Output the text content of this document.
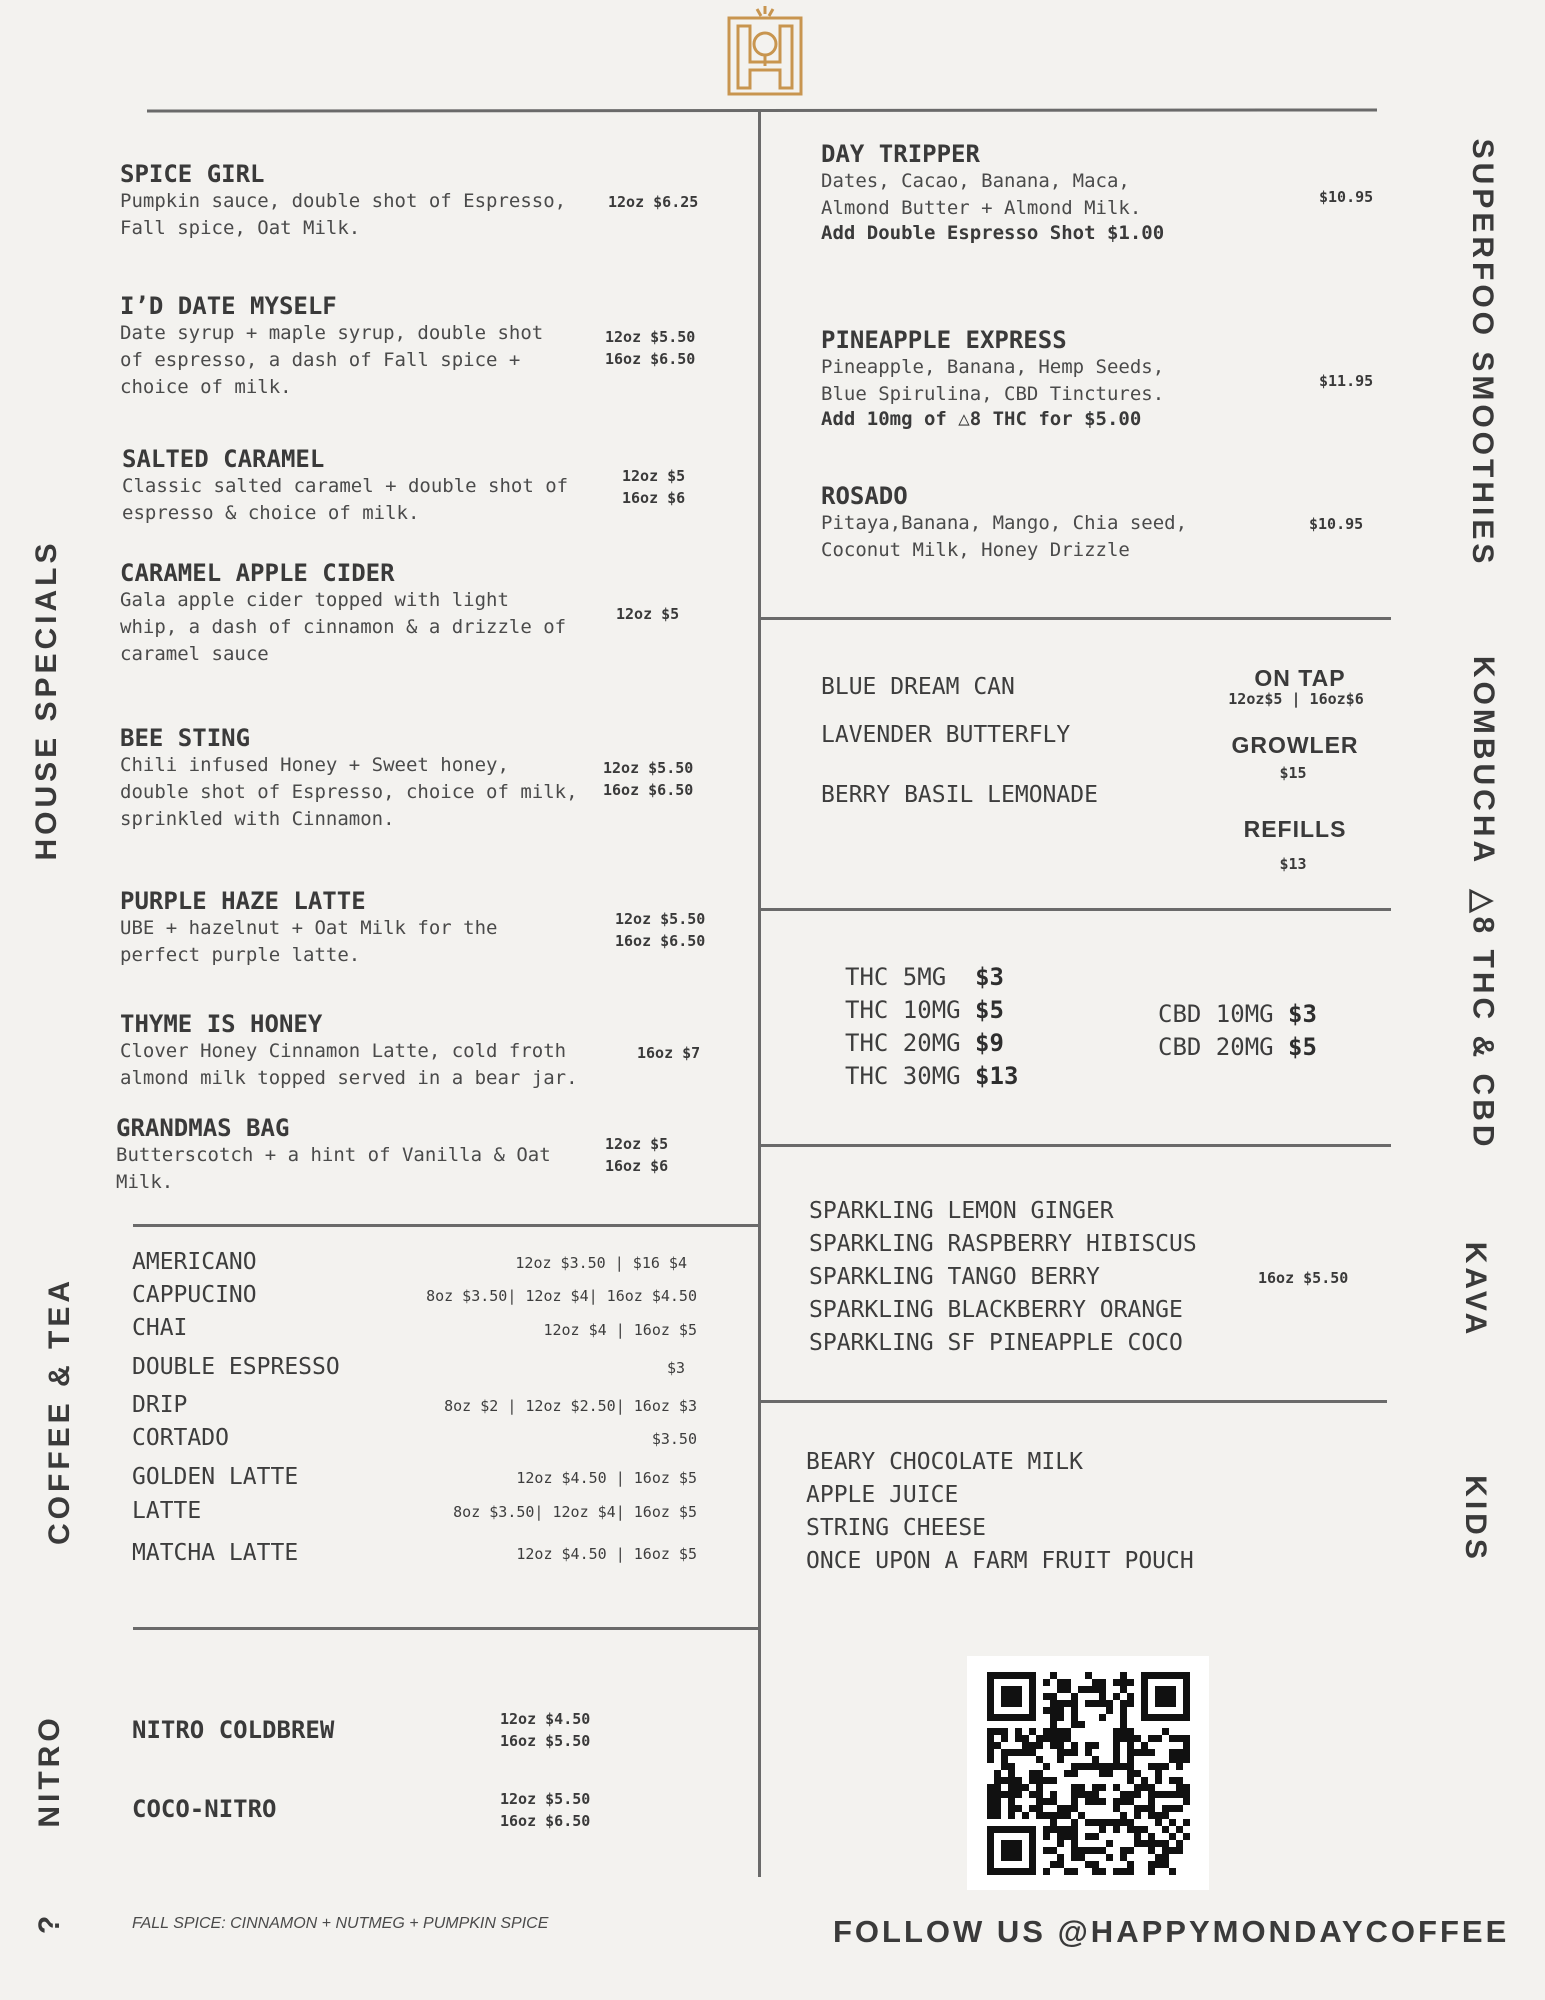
HOUSE SPECIALS
COFFEE & TEA
NITRO
?
SUPERFOO SMOOTHIES
KOMBUCHA
△8 THC & CBD
KAVA
KIDS
SPICE GIRL
Pumpkin sauce, double shot of Espresso,
Fall spice, Oat Milk.
12oz $6.25
I’D DATE MYSELF
Date syrup + maple syrup, double shot
of espresso, a dash of Fall spice +
choice of milk.
12oz $5.50
16oz $6.50
SALTED CARAMEL
Classic salted caramel + double shot of
espresso & choice of milk.
12oz $5
16oz $6
CARAMEL APPLE CIDER
Gala apple cider topped with light
whip, a dash of cinnamon & a drizzle of
caramel sauce
12oz $5
BEE STING
Chili infused Honey + Sweet honey,
double shot of Espresso, choice of milk,
sprinkled with Cinnamon.
12oz $5.50
16oz $6.50
PURPLE HAZE LATTE
UBE + hazelnut + Oat Milk for the
perfect purple latte.
12oz $5.50
16oz $6.50
THYME IS HONEY
Clover Honey Cinnamon Latte, cold froth
almond milk topped served in a bear jar.
16oz $7
GRANDMAS BAG
Butterscotch + a hint of Vanilla & Oat
Milk.
12oz $5
16oz $6
AMERICANO	12oz $3.50 | $16 $4
CAPPUCINO	8oz $3.50| 12oz $4| 16oz $4.50
CHAI	12oz $4 | 16oz $5
DOUBLE ESPRESSO	$3
DRIP	8oz $2 | 12oz $2.50| 16oz $3
CORTADO	$3.50
GOLDEN LATTE	12oz $4.50 | 16oz $5
LATTE	8oz $3.50| 12oz $4| 16oz $5
MATCHA LATTE	12oz $4.50 | 16oz $5
NITRO COLDBREW	12oz $4.50
16oz $5.50
COCO-NITRO	12oz $5.50
16oz $6.50
FALL SPICE: CINNAMON + NUTMEG + PUMPKIN SPICE
DAY TRIPPER
Dates, Cacao, Banana, Maca,
Almond Butter + Almond Milk.
Add Double Espresso Shot $1.00
$10.95
PINEAPPLE EXPRESS
Pineapple, Banana, Hemp Seeds,
Blue Spirulina, CBD Tinctures.
Add 10mg of △8 THC for $5.00
$11.95
ROSADO
Pitaya,Banana, Mango, Chia seed,
Coconut Milk, Honey Drizzle
$10.95
BLUE DREAM CAN
LAVENDER BUTTERFLY
BERRY BASIL LEMONADE
ON TAP
12oz$5 | 16oz$6
GROWLER
$15
REFILLS
$13
THC 5MG $3
THC 10MG $5
THC 20MG $9
THC 30MG $13
CBD 10MG $3
CBD 20MG $5
SPARKLING LEMON GINGER
SPARKLING RASPBERRY HIBISCUS
SPARKLING TANGO BERRY
SPARKLING BLACKBERRY ORANGE
SPARKLING SF PINEAPPLE COCO
16oz $5.50
BEARY CHOCOLATE MILK
APPLE JUICE
STRING CHEESE
ONCE UPON A FARM FRUIT POUCH
FOLLOW US @HAPPYMONDAYCOFFEE
